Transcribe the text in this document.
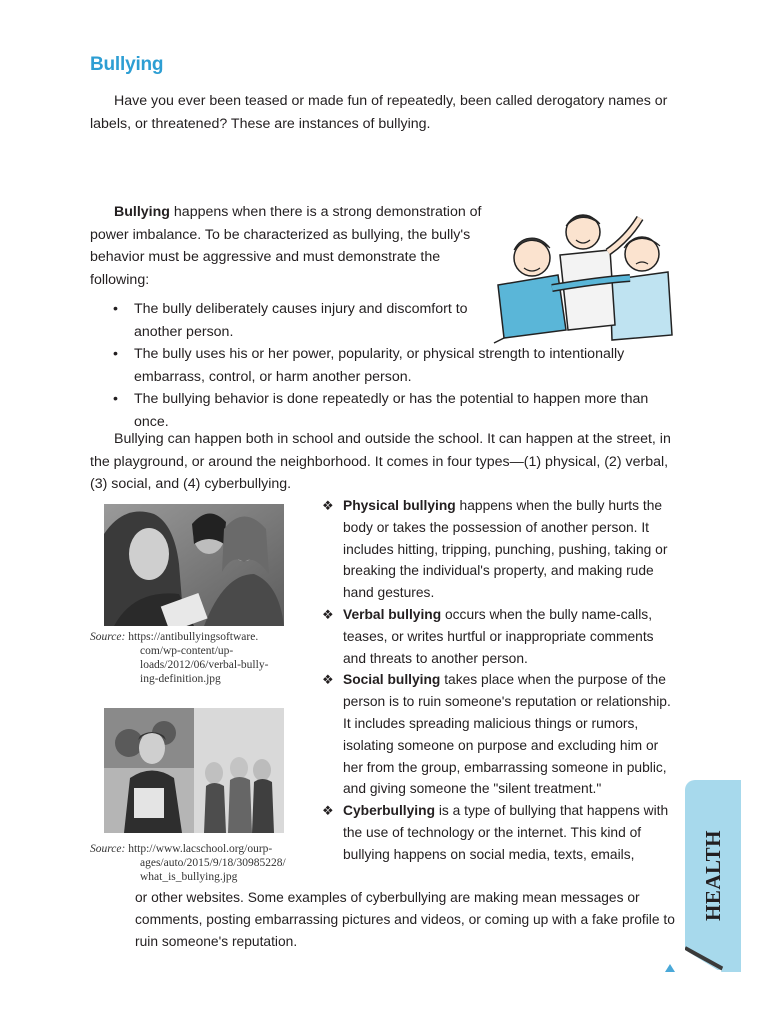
Bullying
Have you ever been teased or made fun of repeatedly, been called derogatory names or labels, or threatened? These are instances of bullying.
Bullying happens when there is a strong demonstration of power imbalance. To be characterized as bullying, the bully's behavior must be aggressive and must demonstrate the following:
• The bully deliberately causes injury and discomfort to another person.
• The bully uses his or her power, popularity, or physical strength to intentionally embarrass, control, or harm another person.
• The bullying behavior is done repeatedly or has the potential to happen more than once.
Bullying can happen both in school and outside the school. It can happen at the street, in the playground, or around the neighborhood. It comes in four types—(1) physical, (2) verbal, (3) social, and (4) cyberbullying.
Source: https://antibullyingsoftware.
com/wp-content/up-
loads/2012/06/verbal-bully-
ing-definition.jpg
Source: http://www.lacschool.org/ourp-
ages/auto/2015/9/18/30985228/
what_is_bullying.jpg
❖ Physical bullying happens when the bully hurts the body or takes the possession of another person. It includes hitting, tripping, punching, pushing, taking or breaking the individual's property, and making rude hand gestures.
❖ Verbal bullying occurs when the bully name-calls, teases, or writes hurtful or inappropriate comments and threats to another person.
❖ Social bullying takes place when the purpose of the person is to ruin someone's reputation or relationship. It includes spreading malicious things or rumors, isolating someone on purpose and excluding him or her from the group, embarrassing someone in public, and giving someone the "silent treatment."
❖ Cyberbullying is a type of bullying that happens with the use of technology or the internet. This kind of bullying happens on social media, texts, emails,
or other websites. Some examples of cyberbullying are making mean messages or comments, posting embarrassing pictures and videos, or coming up with a fake profile to ruin someone's reputation.
HEALTH
